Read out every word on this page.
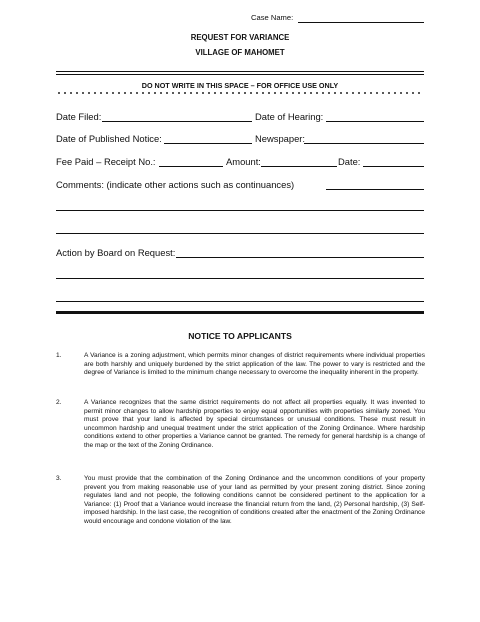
Case Name:
REQUEST FOR VARIANCE
VILLAGE OF MAHOMET
DO NOT WRITE IN THIS SPACE – FOR OFFICE USE ONLY
Date Filed:	Date of Hearing:
Date of Published Notice:	Newspaper:
Fee Paid – Receipt No.:	Amount:	Date:
Comments: (indicate other actions such as continuances)
Action by Board on Request:
NOTICE TO APPLICANTS
1.	A Variance is a zoning adjustment, which permits minor changes of district requirements where individual properties are both harshly and uniquely burdened by the strict application of the law. The power to vary is restricted and the degree of Variance is limited to the minimum change necessary to overcome the inequality inherent in the property.
2.	A Variance recognizes that the same district requirements do not affect all properties equally. It was invented to permit minor changes to allow hardship properties to enjoy equal opportunities with properties similarly zoned. You must prove that your land is affected by special circumstances or unusual conditions. These must result in uncommon hardship and unequal treatment under the strict application of the Zoning Ordinance. Where hardship conditions extend to other properties a Variance cannot be granted. The remedy for general hardship is a change of the map or the text of the Zoning Ordinance.
3.	You must provide that the combination of the Zoning Ordinance and the uncommon conditions of your property prevent you from making reasonable use of your land as permitted by your present zoning district. Since zoning regulates land and not people, the following conditions cannot be considered pertinent to the application for a Variance: (1) Proof that a Variance would increase the financial return from the land, (2) Personal hardship, (3) Self-imposed hardship. In the last case, the recognition of conditions created after the enactment of the Zoning Ordinance would encourage and condone violation of the law.
